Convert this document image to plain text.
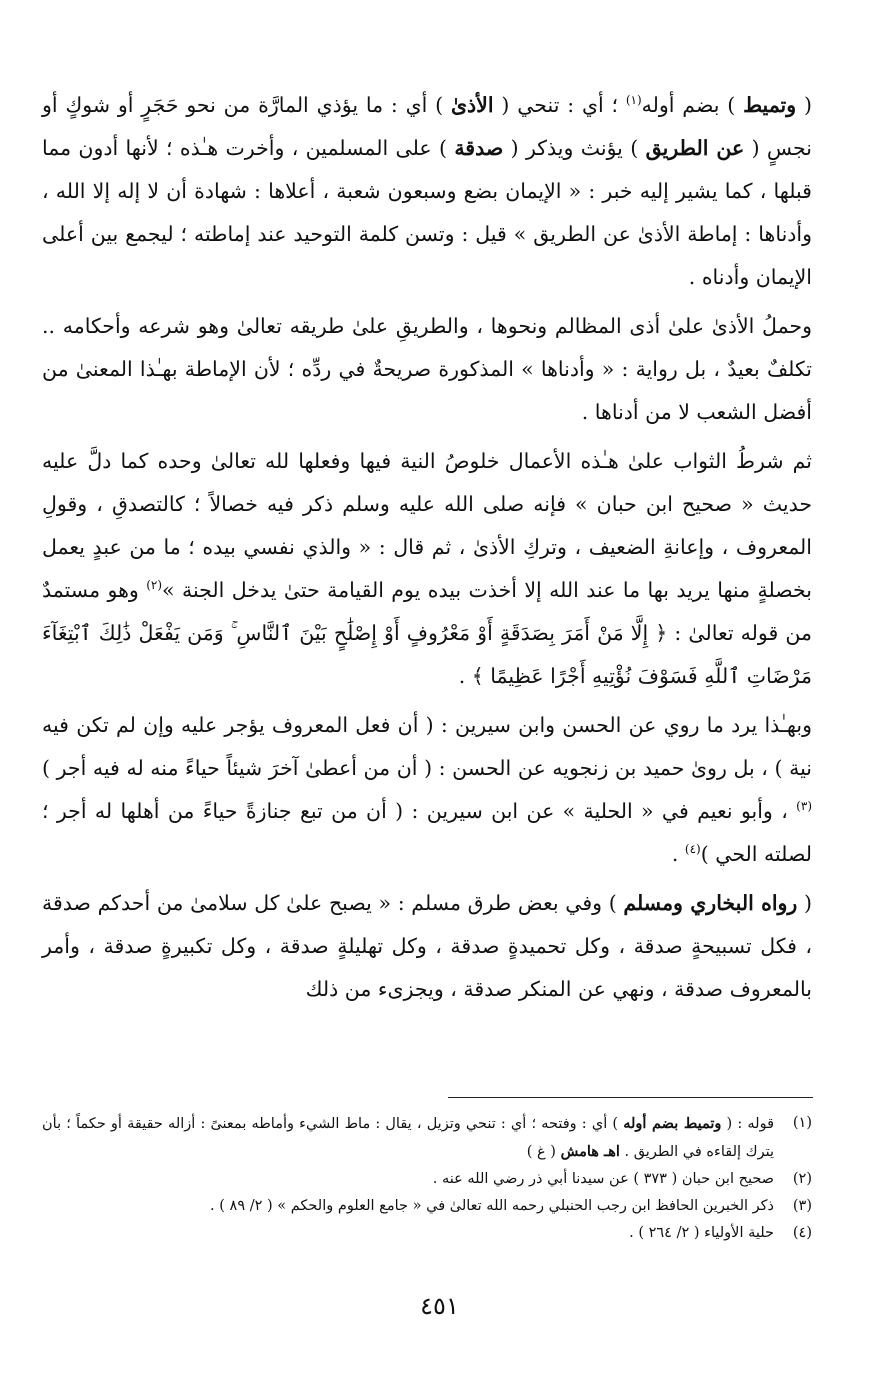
( وتميط ) بضم أوله$^{(١)}$ ؛ أي : تنحي ( الأذىٰ ) أي : ما يؤذي المارَّة من نحو حَجَرٍ أو شوكٍ أو نجسٍ ( عن الطريق ) يؤنث ويذكر ( صدقة ) على المسلمين ، وأخرت هـٰذه ؛ لأنها أدون مما قبلها ، كما يشير إليه خبر : « الإيمان بضع وسبعون شعبة ، أعلاها : شهادة أن لا إله إلا الله ، وأدناها : إماطة الأذىٰ عن الطريق » قيل : وتسن كلمة التوحيد عند إماطته ؛ ليجمع بين أعلى الإيمان وأدناه .

وحملُ الأذىٰ علىٰ أذى المظالم ونحوها ، والطريقِ علىٰ طريقه تعالىٰ وهو شرعه وأحكامه .. تكلفٌ بعيدٌ ، بل رواية : « وأدناها » المذكورة صريحةٌ في ردِّه ؛ لأن الإماطة بهـٰذا المعنىٰ من أفضل الشعب لا من أدناها .

ثم شرطُ الثواب علىٰ هـٰذه الأعمال خلوصُ النية فيها وفعلها لله تعالىٰ وحده كما دلَّ عليه حديث « صحيح ابن حبان » فإنه صلى الله عليه وسلم ذكر فيه خصالاً ؛ كالتصدقِ ، وقولِ المعروف ، وإعانةِ الضعيف ، وتركِ الأذىٰ ، ثم قال : « والذي نفسي بيده ؛ ما من عبدٍ يعمل بخصلةٍ منها يريد بها ما عند الله إلا أخذت بيده يوم القيامة حتىٰ يدخل الجنة »$^{(٢)}$ وهو مستمدٌ من قوله تعالىٰ : ﴿ إِلَّا مَنْ أَمَرَ بِصَدَقَةٍ أَوْ مَعْرُوفٍ أَوْ إِصْلَٰحٍ بَيْنَ ٱلنَّاسِ ۚ وَمَن يَفْعَلْ ذَٰلِكَ ٱبْتِغَآءَ مَرْضَاتِ ٱللَّهِ فَسَوْفَ نُؤْتِيهِ أَجْرًا عَظِيمًا ﴾ .

وبهـٰذا يرد ما روي عن الحسن وابن سيرين : ( أن فعل المعروف يؤجر عليه وإن لم تكن فيه نية ) ، بل روىٰ حميد بن زنجويه عن الحسن : ( أن من أعطىٰ آخرَ شيئاً حياءً منه له فيه أجر )$^{(٣)}$ ، وأبو نعيم في « الحلية » عن ابن سيرين : ( أن من تبع جنازةً حياءً من أهلها له أجر ؛ لصلته الحي )$^{(٤)}$ .

( رواه البخاري ومسلم ) وفي بعض طرق مسلم : « يصبح علىٰ كل سلامىٰ من أحدكم صدقة ، فكل تسبيحةٍ صدقة ، وكل تحميدةٍ صدقة ، وكل تهليلةٍ صدقة ، وكل تكبيرةٍ صدقة ، وأمر بالمعروف صدقة ، ونهي عن المنكر صدقة ، ويجزىء من ذلك

(١)
قوله : ( وتميط بضم أوله ) أي : وفتحه ؛ أي : تنحي وتزيل ، يقال : ماط الشيء وأماطه بمعنىً : أزاله حقيقة أو حكماً ؛ بأن يترك إلقاءه في الطريق . اهـ هامش ( غ )
(٢)
صحيح ابن حبان ( ٣٧٣ ) عن سيدنا أبي ذر رضي الله عنه .
(٣)
ذكر الخبرين الحافظ ابن رجب الحنبلي رحمه الله تعالىٰ في « جامع العلوم والحكم » ( ٢/ ٨٩ ) .
(٤)
حلية الأولياء ( ٢/ ٢٦٤ ) .
٤٥١
